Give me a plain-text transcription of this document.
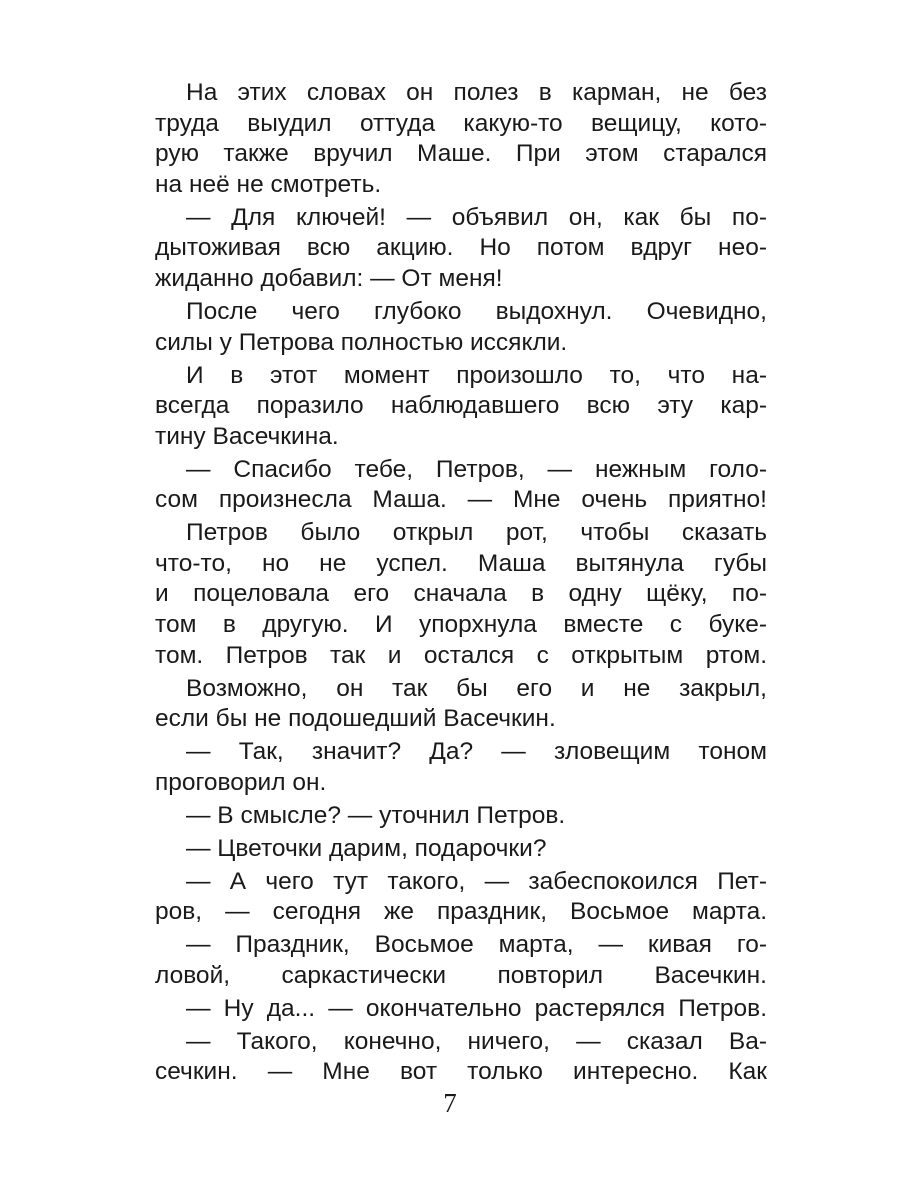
На этих словах он полез в карман, не без
труда выудил оттуда какую-то вещицу, кото-
рую также вручил Маше. При этом старался
на неё не смотреть.
— Для ключей! — объявил он, как бы по-
дытоживая всю акцию. Но потом вдруг нео-
жиданно добавил: — От меня!
После чего глубоко выдохнул. Очевидно,
силы у Петрова полностью иссякли.
И в этот момент произошло то, что на-
всегда поразило наблюдавшего всю эту кар-
тину Васечкина.
— Спасибо тебе, Петров, — нежным голо-
сом произнесла Маша. — Мне очень приятно!
Петров было открыл рот, чтобы сказать
что-то, но не успел. Маша вытянула губы
и поцеловала его сначала в одну щёку, по-
том в другую. И упорхнула вместе с буке-
том. Петров так и остался с открытым ртом.
Возможно, он так бы его и не закрыл,
если бы не подошедший Васечкин.
— Так, значит? Да? — зловещим тоном
проговорил он.
— В смысле? — уточнил Петров.
— Цветочки дарим, подарочки?
— А чего тут такого, — забеспокоился Пет-
ров, — сегодня же праздник, Восьмое марта.
— Праздник, Восьмое марта, — кивая го-
ловой, саркастически повторил Васечкин.
— Ну да... — окончательно растерялся Петров.
— Такого, конечно, ничего, — сказал Ва-
сечкин. — Мне вот только интересно. Как
7
